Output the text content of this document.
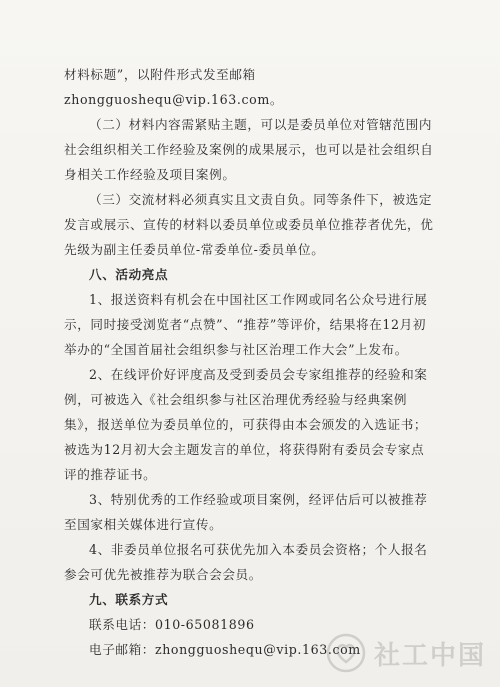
材料标题”，以附件形式发至邮箱 zhongguoshequ@vip.163.com。

（二）材料内容需紧贴主题，可以是委员单位对管辖范围内社会组织相关工作经验及案例的成果展示，也可以是社会组织自身相关工作经验及项目案例。

（三）交流材料必须真实且文责自负。同等条件下，被选定发言或展示、宣传的材料以委员单位或委员单位推荐者优先，优先级为副主任委员单位-常委单位-委员单位。

八、活动亮点

1、报送资料有机会在中国社区工作网或同名公众号进行展示，同时接受浏览者“点赞”、“推荐”等评价，结果将在12月初举办的“全国首届社会组织参与社区治理工作大会”上发布。

2、在线评价好评度高及受到委员会专家组推荐的经验和案例，可被选入《社会组织参与社区治理优秀经验与经典案例集》，报送单位为委员单位的，可获得由本会颁发的入选证书；被选为12月初大会主题发言的单位，将获得附有委员会专家点评的推荐证书。

3、特别优秀的工作经验或项目案例，经评估后可以被推荐至国家相关媒体进行宣传。

4、非委员单位报名可获优先加入本委员会资格；个人报名参会可优先被推荐为联合会会员。

九、联系方式

联系电话：010-65081896

电子邮箱：zhongguoshequ@vip.163.com 社工中国
